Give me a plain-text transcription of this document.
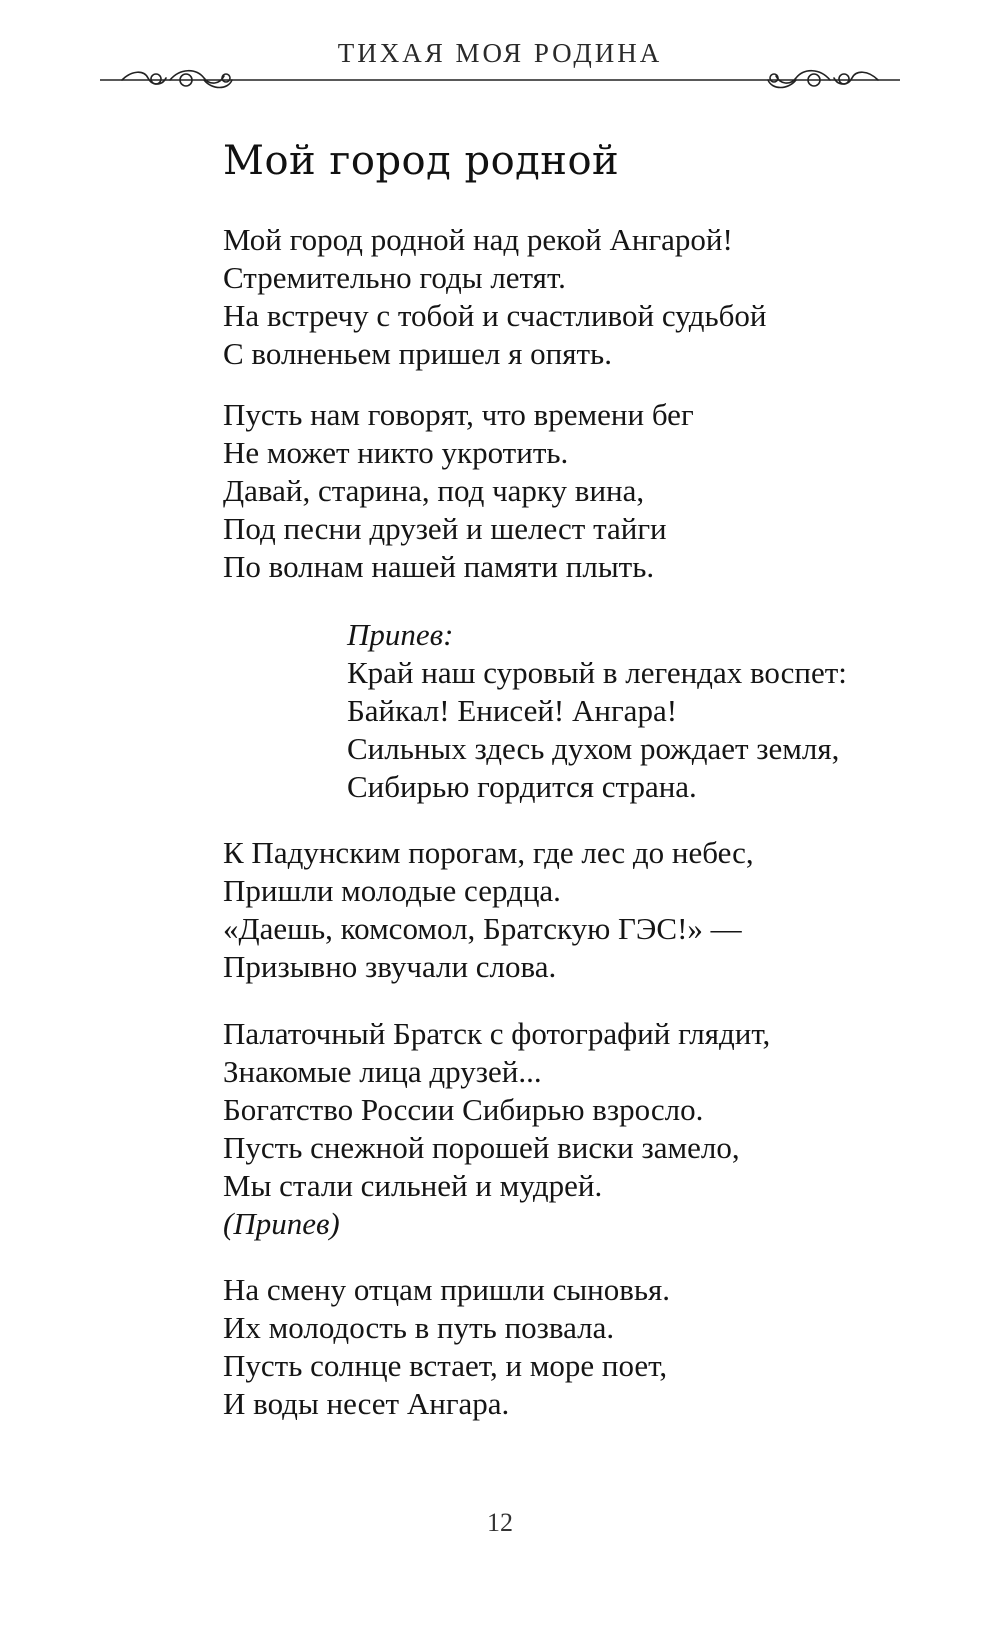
ТИХАЯ МОЯ РОДИНА
Мой город родной
Мой город родной над рекой Ангарой!
Стремительно годы летят.
На встречу с тобой и счастливой судьбой
С волненьем пришел я опять.
Пусть нам говорят, что времени бег
Не может никто укротить.
Давай, старина, под чарку вина,
Под песни друзей и шелест тайги
По волнам нашей памяти плыть.
Припев:
Край наш суровый в легендах воспет:
Байкал! Енисей! Ангара!
Сильных здесь духом рождает земля,
Сибирью гордится страна.
К Падунским порогам, где лес до небес,
Пришли молодые сердца.
«Даешь, комсомол, Братскую ГЭС!» —
Призывно звучали слова.
Палаточный Братск с фотографий глядит,
Знакомые лица друзей...
Богатство России Сибирью взросло.
Пусть снежной порошей виски замело,
Мы стали сильней и мудрей.
(Припев)
На смену отцам пришли сыновья.
Их молодость в путь позвала.
Пусть солнце встает, и море поет,
И воды несет Ангара.
12
